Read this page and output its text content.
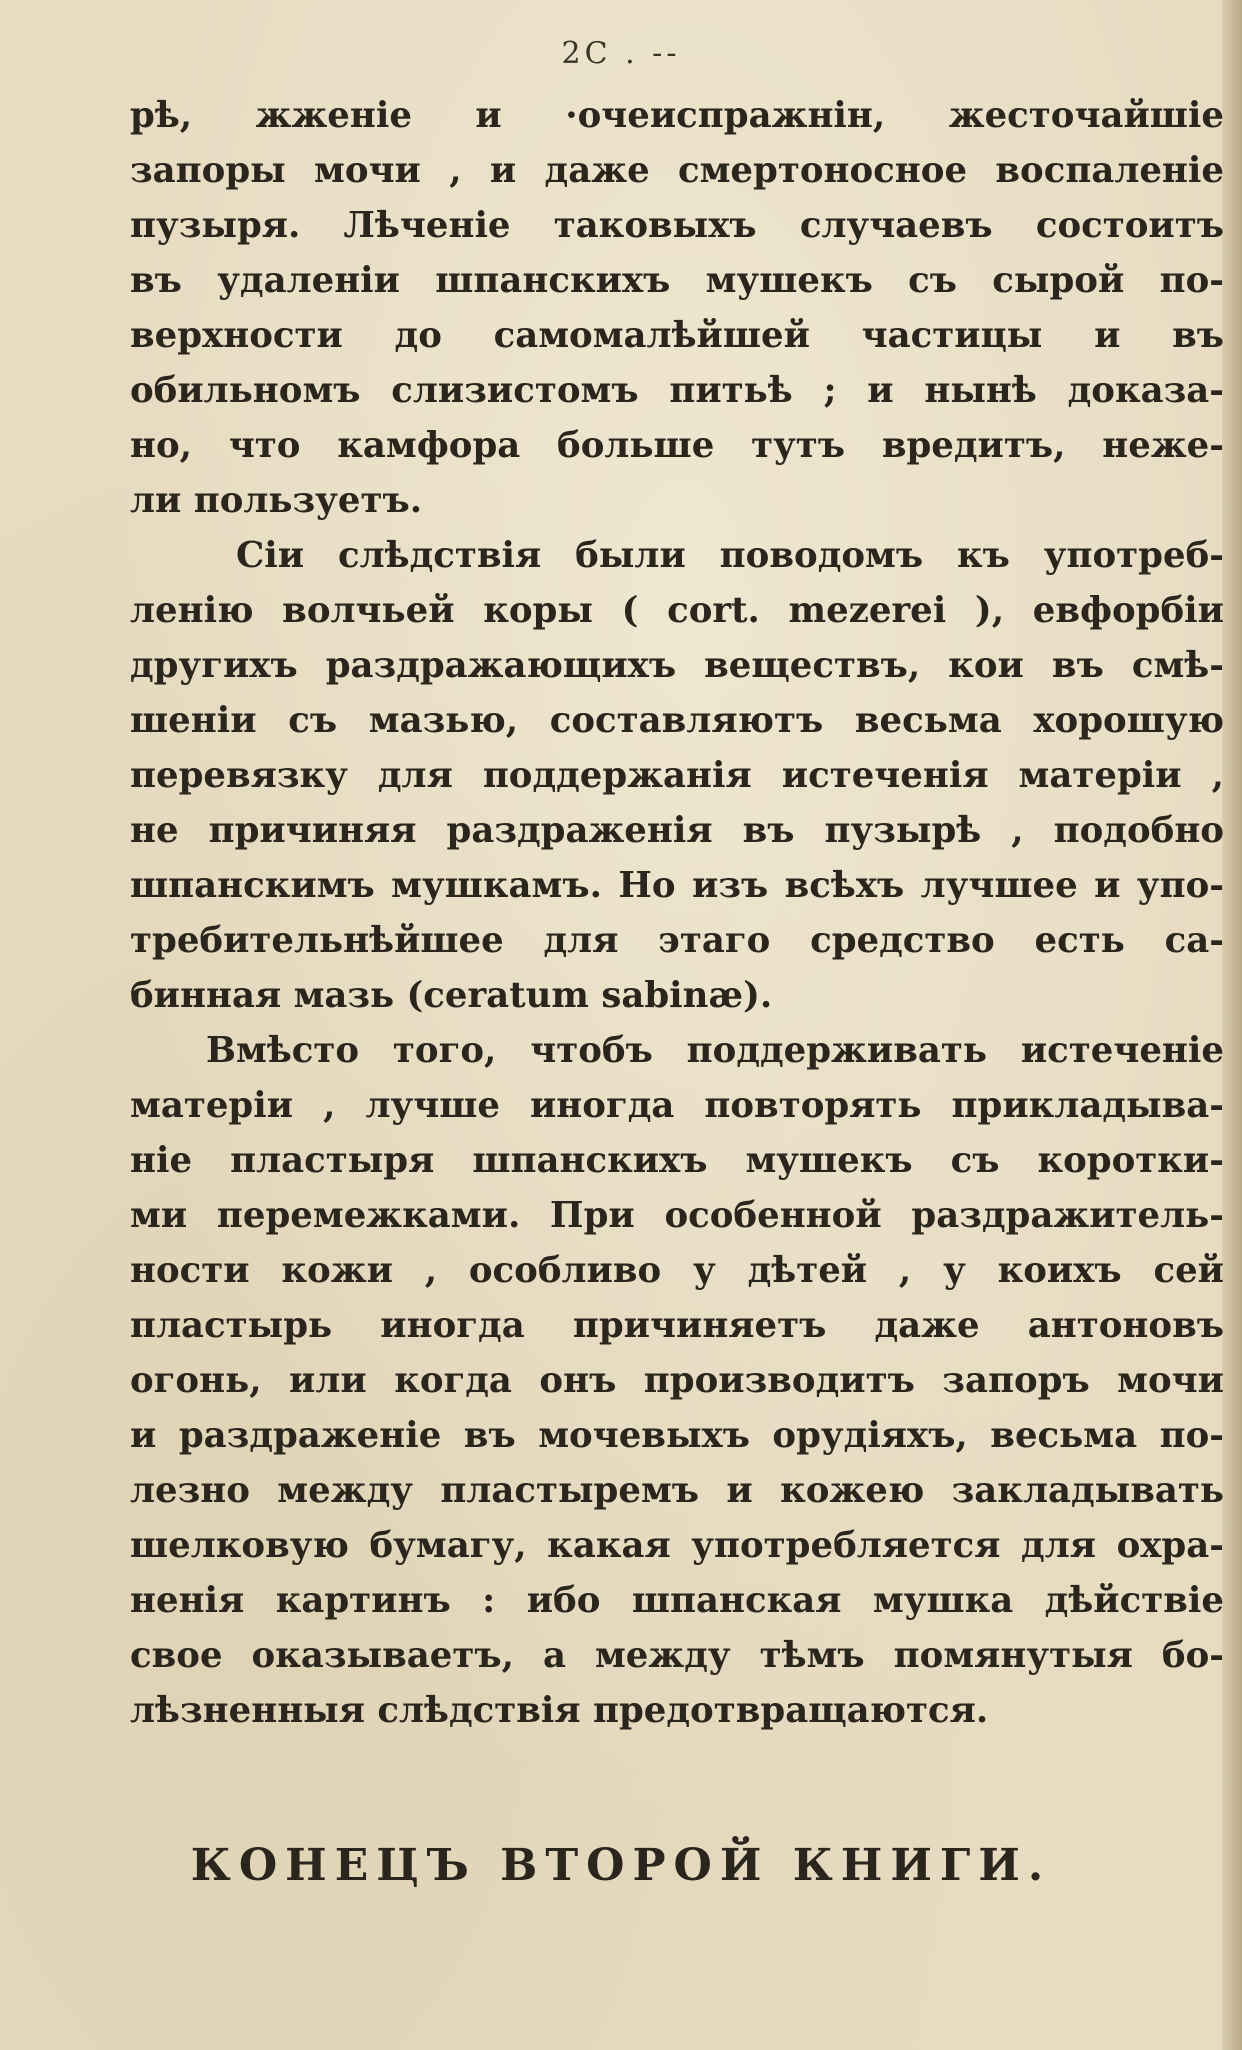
2С . --
рѣ, жженіе и ·очеиспражнін, жесточайшіе
запоры мочи , и даже смертоносное воспаленіе
пузыря. Лѣченіе таковыхъ случаевъ состоитъ
въ удаленіи шпанскихъ мушекъ съ сырой по-
верхности до самомалѣйшей частицы и въ
обильномъ слизистомъ питьѣ ; и нынѣ доказа-
но, что камфора больше тутъ вредитъ, неже-
ли пользуетъ.
Сіи слѣдствія были поводомъ къ употреб-
ленію волчьей коры ( cort. mezerei ), евфорбіи
другихъ раздражающихъ веществъ, кои въ смѣ-
шеніи съ мазью, составляютъ весьма хорошую
перевязку для поддержанія истеченія матеріи ,
не причиняя раздраженія въ пузырѣ , подобно
шпанскимъ мушкамъ. Но изъ всѣхъ лучшее и упо-
требительнѣйшее для этаго средство есть са-
бинная мазь (ceratum sabinæ).
Вмѣсто того, чтобъ поддерживать истеченіе
матеріи , лучше иногда повторять прикладыва-
ніе пластыря шпанскихъ мушекъ съ коротки-
ми перемежками. При особенной раздражитель-
ности кожи , особливо у дѣтей , у коихъ сей
пластырь иногда причиняетъ даже антоновъ
огонь, или когда онъ производитъ запоръ мочи
и раздраженіе въ мочевыхъ орудіяхъ, весьма по-
лезно между пластыремъ и кожею закладывать
шелковую бумагу, какая употребляется для охра-
ненія картинъ : ибо шпанская мушка дѣйствіе
свое оказываетъ, а между тѣмъ помянутыя бо-
лѣзненныя слѣдствія предотвращаются.
КОНЕЦЪ ВТОРОЙ КНИГИ.
